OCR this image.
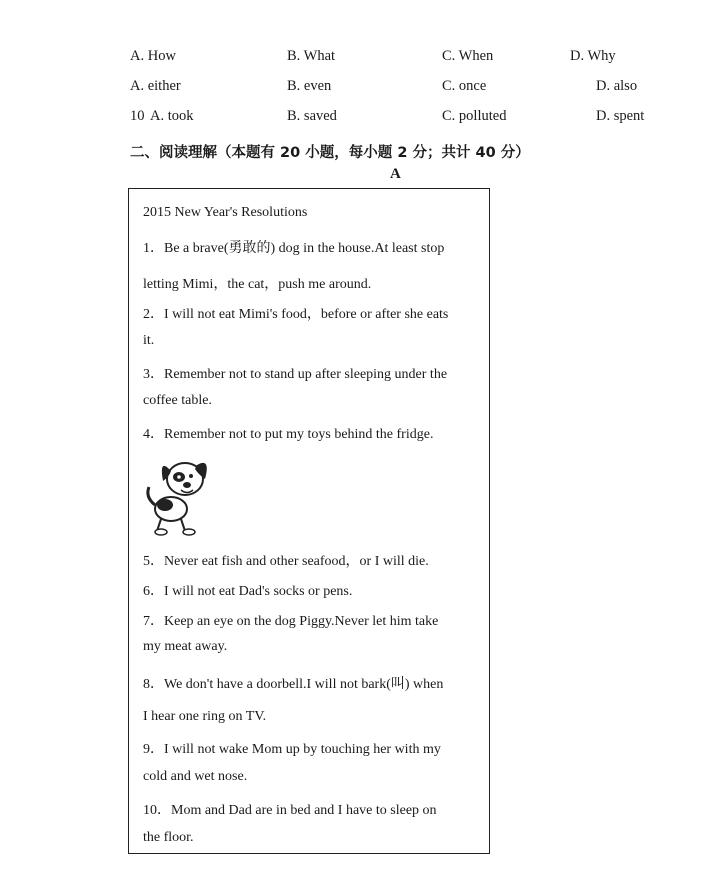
A. How	B. What	C. When	D. Why
A. either	B. even	C. once	D. also
10 A. took	B. saved	C. polluted	D. spent
二、阅读理解（本题有 20 小题，每小题 2 分；共计 40 分）
A
2015 New Year's Resolutions
1．Be a brave(勇敢的) dog in the house.At least stop
letting Mimi，the cat，push me around.
2．I will not eat Mimi's food，before or after she eats
it.
3．Remember not to stand up after sleeping under the
coffee table.
4．Remember not to put my toys behind the fridge.
5．Never eat fish and other seafood，or I will die.
6．I will not eat Dad's socks or pens.
7．Keep an eye on the dog Piggy.Never let him take
my meat away.
8．We don't have a doorbell.I will not bark(叫) when
I hear one ring on TV.
9．I will not wake Mom up by touching her with my
cold and wet nose.
10．Mom and Dad are in bed and I have to sleep on
the floor.
